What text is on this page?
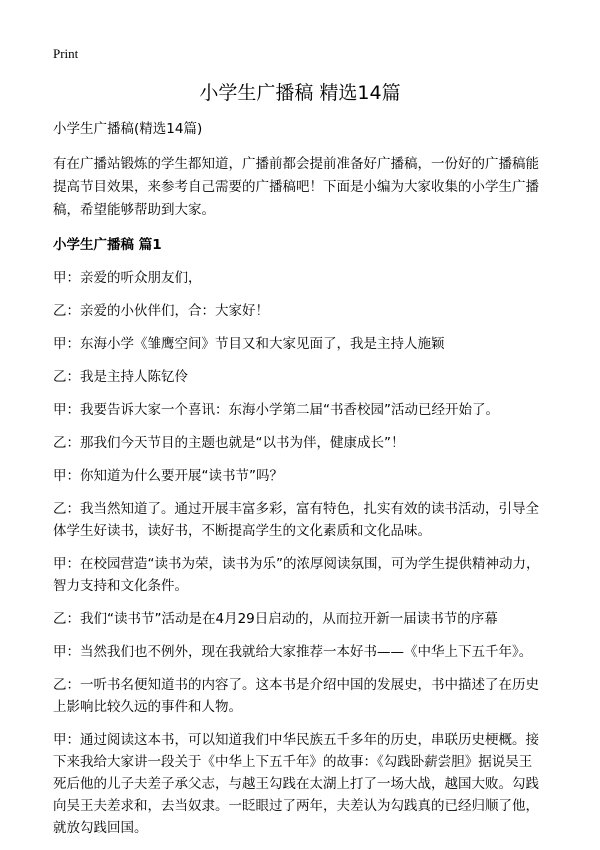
Print
小学生广播稿 精选14篇

小学生广播稿(精选14篇)

有在广播站锻炼的学生都知道，广播前都会提前准备好广播稿，一份好的广播稿能提高节目效果，来参考自己需要的广播稿吧！下面是小编为大家收集的小学生广播稿，希望能够帮助到大家。

小学生广播稿 篇1

甲：亲爱的听众朋友们，

乙：亲爱的小伙伴们，合：大家好！

甲：东海小学《雏鹰空间》节目又和大家见面了，我是主持人施颖

乙：我是主持人陈钇伶

甲：我要告诉大家一个喜讯：东海小学第二届“书香校园”活动已经开始了。

乙：那我们今天节目的主题也就是“以书为伴，健康成长”！

甲：你知道为什么要开展“读书节”吗？

乙：我当然知道了。通过开展丰富多彩，富有特色，扎实有效的读书活动，引导全体学生好读书，读好书，不断提高学生的文化素质和文化品味。

甲：在校园营造“读书为荣，读书为乐”的浓厚阅读氛围，可为学生提供精神动力，智力支持和文化条件。

乙：我们“读书节”活动是在4月29日启动的，从而拉开新一届读书节的序幕

甲：当然我们也不例外，现在我就给大家推荐一本好书——《中华上下五千年》。

乙：一听书名便知道书的内容了。这本书是介绍中国的发展史，书中描述了在历史上影响比较久远的事件和人物。

甲：通过阅读这本书，可以知道我们中华民族五千多年的历史，串联历史梗概。接下来我给大家讲一段关于《中华上下五千年》的故事：《勾践卧薪尝胆》据说吴王死后他的儿子夫差子承父志，与越王勾践在太湖上打了一场大战，越国大败。勾践向吴王夫差求和，去当奴隶。一眨眼过了两年，夫差认为勾践真的已经归顺了他，就放勾践回国。
